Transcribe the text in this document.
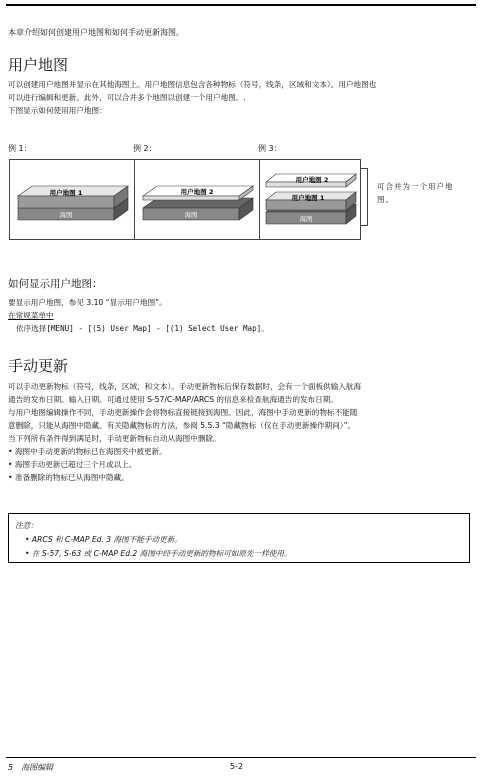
本章介绍如何创建用户地图和如何手动更新海图。
用户地图

可以创建用户地图并显示在其他海图上。用户地图信息包含各种物标（符号，线条，区域和文本）。用户地图也

可以进行编辑和更新。此外，可以合并多个地图以创建一个用户地图。.

下图显示如何使用用户地图：

例 1：	例 2：	例 3：
用户地图 1
海图
用户地图 2
海图
用户地图 2
用户地图 1
海图
可合并为一个用户地图。
如何显示用户地图：

要显示用户地图，参见 3.10 “显示用户地图”。

在常规菜单中

依序选择[MENU] - [(5) User Map] - [(1) Select User Map]。

手动更新

可以手动更新物标（符号，线条，区域，和文本）。手动更新物标后保存数据时，会有一个面板供输入航海

通告的发布日期。输入日期。可通过使用 S-57/C-MAP/ARCS 的信息来检查航海通告的发布日期。

与用户地图编辑操作不同，手动更新操作会将物标直接链接到海图。因此，海图中手动更新的物标不能随

意删除，只能从海图中隐藏。有关隐藏物标的方法，参阅 5.5.3 “隐藏物标（仅在手动更新操作期间）”。

当下列所有条件得到满足时，手动更新物标自动从海图中删除。

• 海图中手动更新的物标已在海图夹中被更新。
• 海图手动更新已超过三个月或以上。
• 准备删除的物标已从海图中隐藏。
注意：
• ARCS 和 C-MAP Ed. 3 海图不能手动更新。
• 在 S-57, S-63 或 C-MAP Ed.2 海图中经手动更新的物标可如原先一样使用。
5　海图编辑	5-2
